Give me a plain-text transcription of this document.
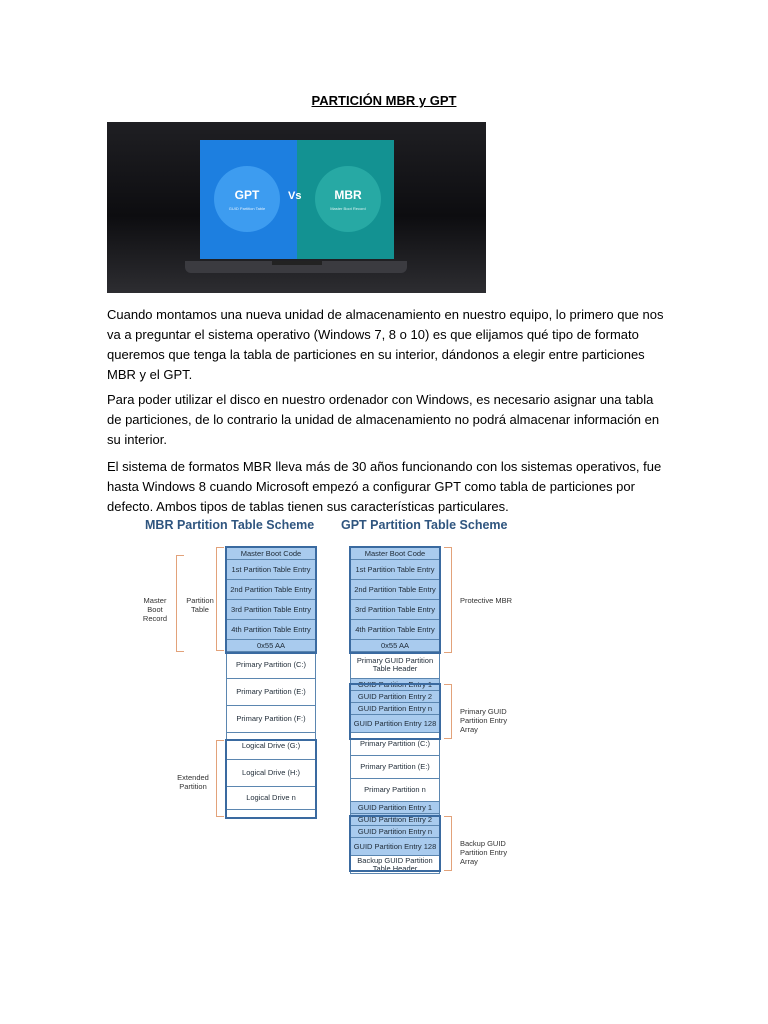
PARTICIÓN MBR y GPT
GPT
GUID Partition Table
MBR
Master Boot Record
Vs
Cuando montamos una nueva unidad de almacenamiento en nuestro equipo, lo primero que nos va a preguntar el sistema operativo (Windows 7, 8 o 10) es que elijamos qué tipo de formato queremos que tenga la tabla de particiones en su interior, dándonos a elegir entre particiones MBR y el GPT.
Para poder utilizar el disco en nuestro ordenador con Windows, es necesario asignar una tabla de particiones, de lo contrario la unidad de almacenamiento no podrá almacenar información en su interior.
El sistema de formatos MBR lleva más de 30 años funcionando con los sistemas operativos, fue hasta Windows 8 cuando Microsoft empezó a configurar GPT como tabla de particiones por defecto. Ambos tipos de tablas tienen sus características particulares.
MBR Partition Table Scheme GPT Partition Table Scheme
Master Boot Code
1st Partition Table Entry
2nd Partition Table Entry
3rd Partition Table Entry
4th Partition Table Entry
0x55 AA
Primary Partition (C:)
Primary Partition (E:)
Primary Partition (F:)
Logical Drive (G:)
Logical Drive (H:)
Logical Drive n
Master Boot Record
Partition Table
Extended Partition
Master Boot Code
1st Partition Table Entry
2nd Partition Table Entry
3rd Partition Table Entry
4th Partition Table Entry
0x55 AA
Primary GUID Partition Table Header
GUID Partition Entry 1
GUID Partition Entry 2
GUID Partition Entry n
GUID Partition Entry 128
Primary Partition (C:)
Primary Partition (E:)
Primary Partition n
GUID Partition Entry 1
GUID Partition Entry 2
GUID Partition Entry n
GUID Partition Entry 128
Backup GUID Partition Table Header
Protective MBR
Primary GUID Partition Entry Array
Backup GUID Partition Entry Array
